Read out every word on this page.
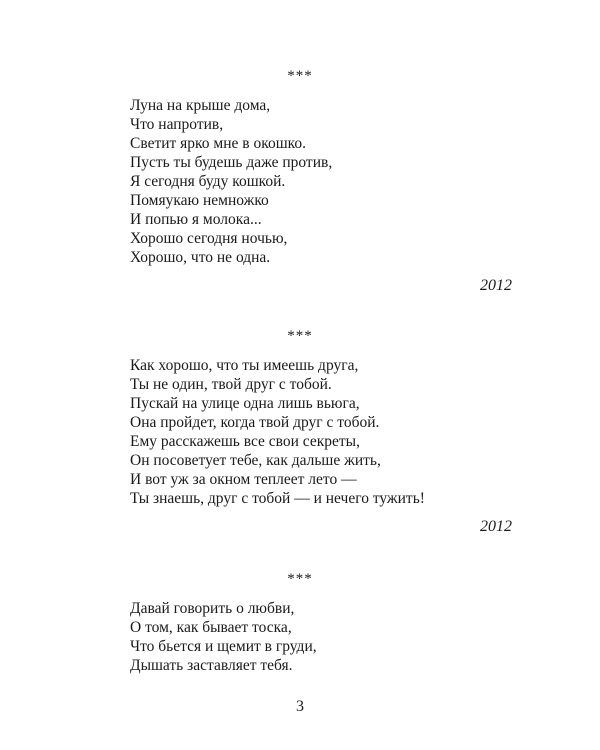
***
Луна на крыше дома,
Что напротив,
Светит ярко мне в окошко.
Пусть ты будешь даже против,
Я сегодня буду кошкой.
Помяукаю немножко
И попью я молока...
Хорошо сегодня ночью,
Хорошо, что не одна.
2012
***
Как хорошо, что ты имеешь друга,
Ты не один, твой друг с тобой.
Пускай на улице одна лишь вьюга,
Она пройдет, когда твой друг с тобой.
Ему расскажешь все свои секреты,
Он посоветует тебе, как дальше жить,
И вот уж за окном теплеет лето —
Ты знаешь, друг с тобой — и нечего тужить!
2012
***
Давай говорить о любви,
О том, как бывает тоска,
Что бьется и щемит в груди,
Дышать заставляет тебя.
3
